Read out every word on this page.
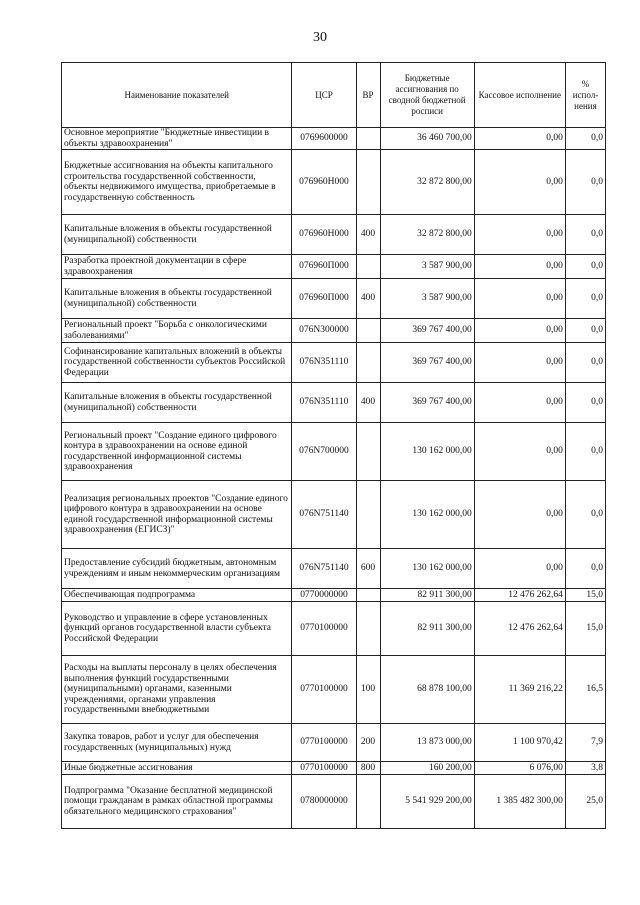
30
Наименование показателей	ЦСР	ВР	Бюджетные ассигнования по сводной бюджетной росписи	Кассовое исполнение	% испол-нения
Основное мероприятие "Бюджетные инвестиции в объекты здравоохранения"	0769600000		36 460 700,00	0,00	0,0
Бюджетные ассигнования на объекты капитального строительства государственной собственности, объекты недвижимого имущества, приобретаемые в государственную собственность	076960Н000		32 872 800,00	0,00	0,0
Капитальные вложения в объекты государственной (муниципальной) собственности	076960Н000	400	32 872 800,00	0,00	0,0
Разработка проектной документации в сфере здравоохранения	076960П000		3 587 900,00	0,00	0,0
Капитальные вложения в объекты государственной (муниципальной) собственности	076960П000	400	3 587 900,00	0,00	0,0
Региональный проект "Борьба с онкологическими заболеваниями"	076N300000		369 767 400,00	0,00	0,0
Софинансирование капитальных вложений в объекты государственной собственности субъектов Российской Федерации	076N351110		369 767 400,00	0,00	0,0
Капитальные вложения в объекты государственной (муниципальной) собственности	076N351110	400	369 767 400,00	0,00	0,0
Региональный проект "Создание единого цифрового контура в здравоохранении на основе единой государственной информационной системы здравоохранения	076N700000		130 162 000,00	0,00	0,0
Реализация региональных проектов "Создание единого цифрового контура в здравоохранении на основе единой государственной информационной системы здравоохранения (ЕГИСЗ)"	076N751140		130 162 000,00	0,00	0,0
Предоставление субсидий бюджетным, автономным учреждениям и иным некоммерческим организациям	076N751140	600	130 162 000,00	0,00	0,0
Обеспечивающая подпрограмма	0770000000		82 911 300,00	12 476 262,64	15,0
Руководство и управление в сфере установленных функций органов государственной власти субъекта Российской Федерации	0770100000		82 911 300,00	12 476 262,64	15,0
Расходы на выплаты персоналу в целях обеспечения выполнения функций государственными (муниципальными) органами, казенными учреждениями, органами управления государственными внебюджетными	0770100000	100	68 878 100,00	11 369 216,22	16,5
Закупка товаров, работ и услуг для обеспечения государственных (муниципальных) нужд	0770100000	200	13 873 000,00	1 100 970,42	7,9
Иные бюджетные ассигнования	0770100000	800	160 200,00	6 076,00	3,8
Подпрограмма "Оказание бесплатной медицинской помощи гражданам в рамках областной программы обязательного медицинского страхования"	0780000000		5 541 929 200,00	1 385 482 300,00	25,0
